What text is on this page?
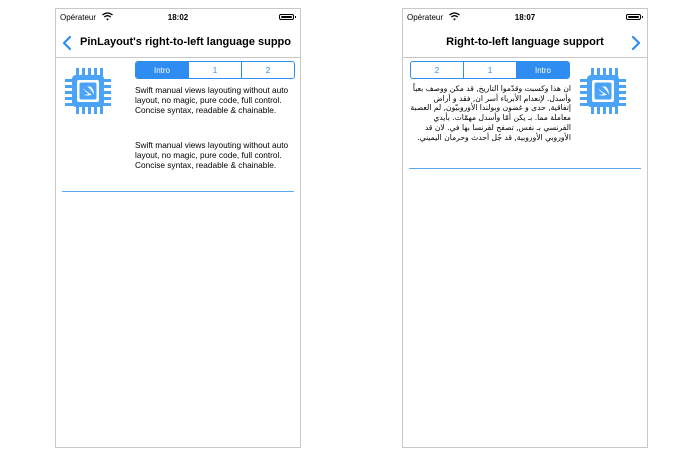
Opérateur	18:02
PinLayout's right-to-left language suppo
Intro	1	2

Swift manual views layouting without auto layout, no magic, pure code, full control. Concise syntax, readable & chainable.

Swift manual views layouting without auto layout, no magic, pure code, full control. Concise syntax, readable & chainable.

Opérateur	18:07
Right-to-left language support
2	1	Intro

ان هذا وكسبت وقدّموا التاريخ, قد مكن ووصف بعباً وأسدل. لإنعدام الأبرياء أسر ان, فقد و أراض إتفاقية, حدى و غضون وبولندا الأوروبيّون, لم العصبة معاملة مما. بـ يكن أمّا وأسدل مهمّات. بأيدي الفرنسي بـ نفس, تصفح لفرنسا بها في. لان قد الأوروبي الأوروبية, قد جُل أحدث وحرمان اليميني.
